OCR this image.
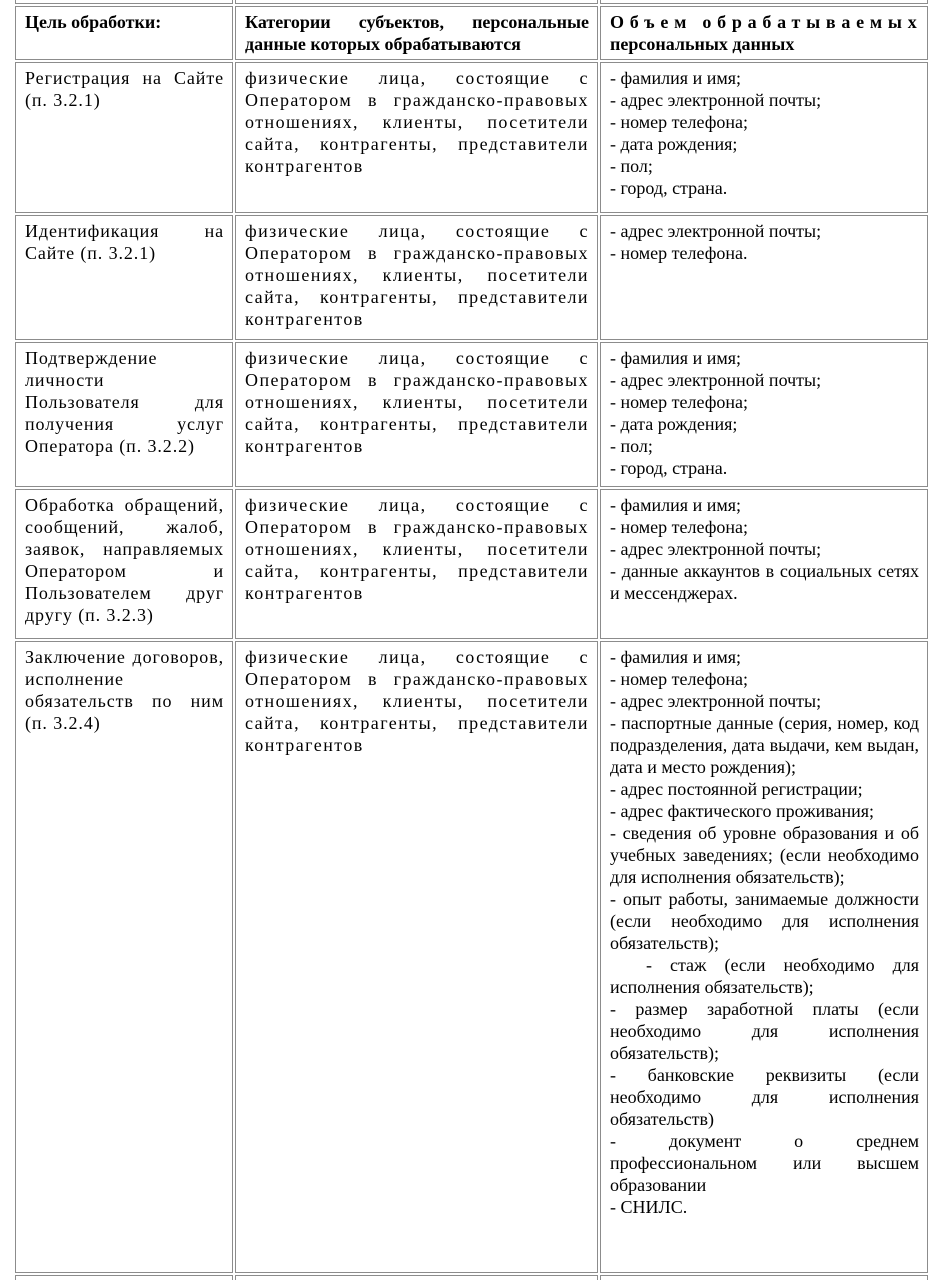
Цель обработки:	Категории субъектов, персональные данные которых обрабатываются	Объем обрабатываемых
персональных данных
Регистрация на Сайте (п. 3.2.1)	физические лица, состоящие с Оператором в гражданско-правовых отношениях, клиенты, посетители сайта, контрагенты, представители контрагентов	
- фамилия и имя;
- адрес электронной почты;
- номер телефона;
- дата рождения;
- пол;
- город, страна.

Идентификация на Сайте (п. 3.2.1)	физические лица, состоящие с Оператором в гражданско-правовых отношениях, клиенты, посетители сайта, контрагенты, представители контрагентов	- адрес электронной почты;
- номер телефона.

Подтверждение личности Пользователя для получения услуг Оператора (п. 3.2.2)	физические лица, состоящие с Оператором в гражданско-правовых отношениях, клиенты, посетители сайта, контрагенты, представители контрагентов	
- фамилия и имя;
- адрес электронной почты;
- номер телефона;
- дата рождения;
- пол;
- город, страна.

Обработка обращений, сообщений, жалоб, заявок, направляемых Оператором и Пользователем друг другу (п. 3.2.3)	физические лица, состоящие с Оператором в гражданско-правовых отношениях, клиенты, посетители сайта, контрагенты, представители контрагентов	- фамилия и имя;
- номер телефона;
- адрес электронной почты;
- данные аккаунтов в социальных сетях и мессенджерах.

Заключение договоров, исполнение обязательств по ним (п. 3.2.4)	физические лица, состоящие с Оператором в гражданско-правовых отношениях, клиенты, посетители сайта, контрагенты, представители контрагентов	
- фамилия и имя;
- номер телефона;
- адрес электронной почты;
- паспортные данные (серия, номер, код подразделения, дата выдачи, кем выдан, дата и место рождения);
- адрес постоянной регистрации;
- адрес фактического проживания;
- сведения об уровне образования и об учебных заведениях; (если необходимо для исполнения обязательств);
- опыт работы, занимаемые должности (если необходимо для исполнения обязательств);
- стаж (если необходимо для исполнения обязательств);
- размер заработной платы (если необходимо для исполнения обязательств);
- банковские реквизиты (если необходимо для исполнения обязательств)
- документ о среднем профессиональном или высшем образовании
- СНИЛС.
